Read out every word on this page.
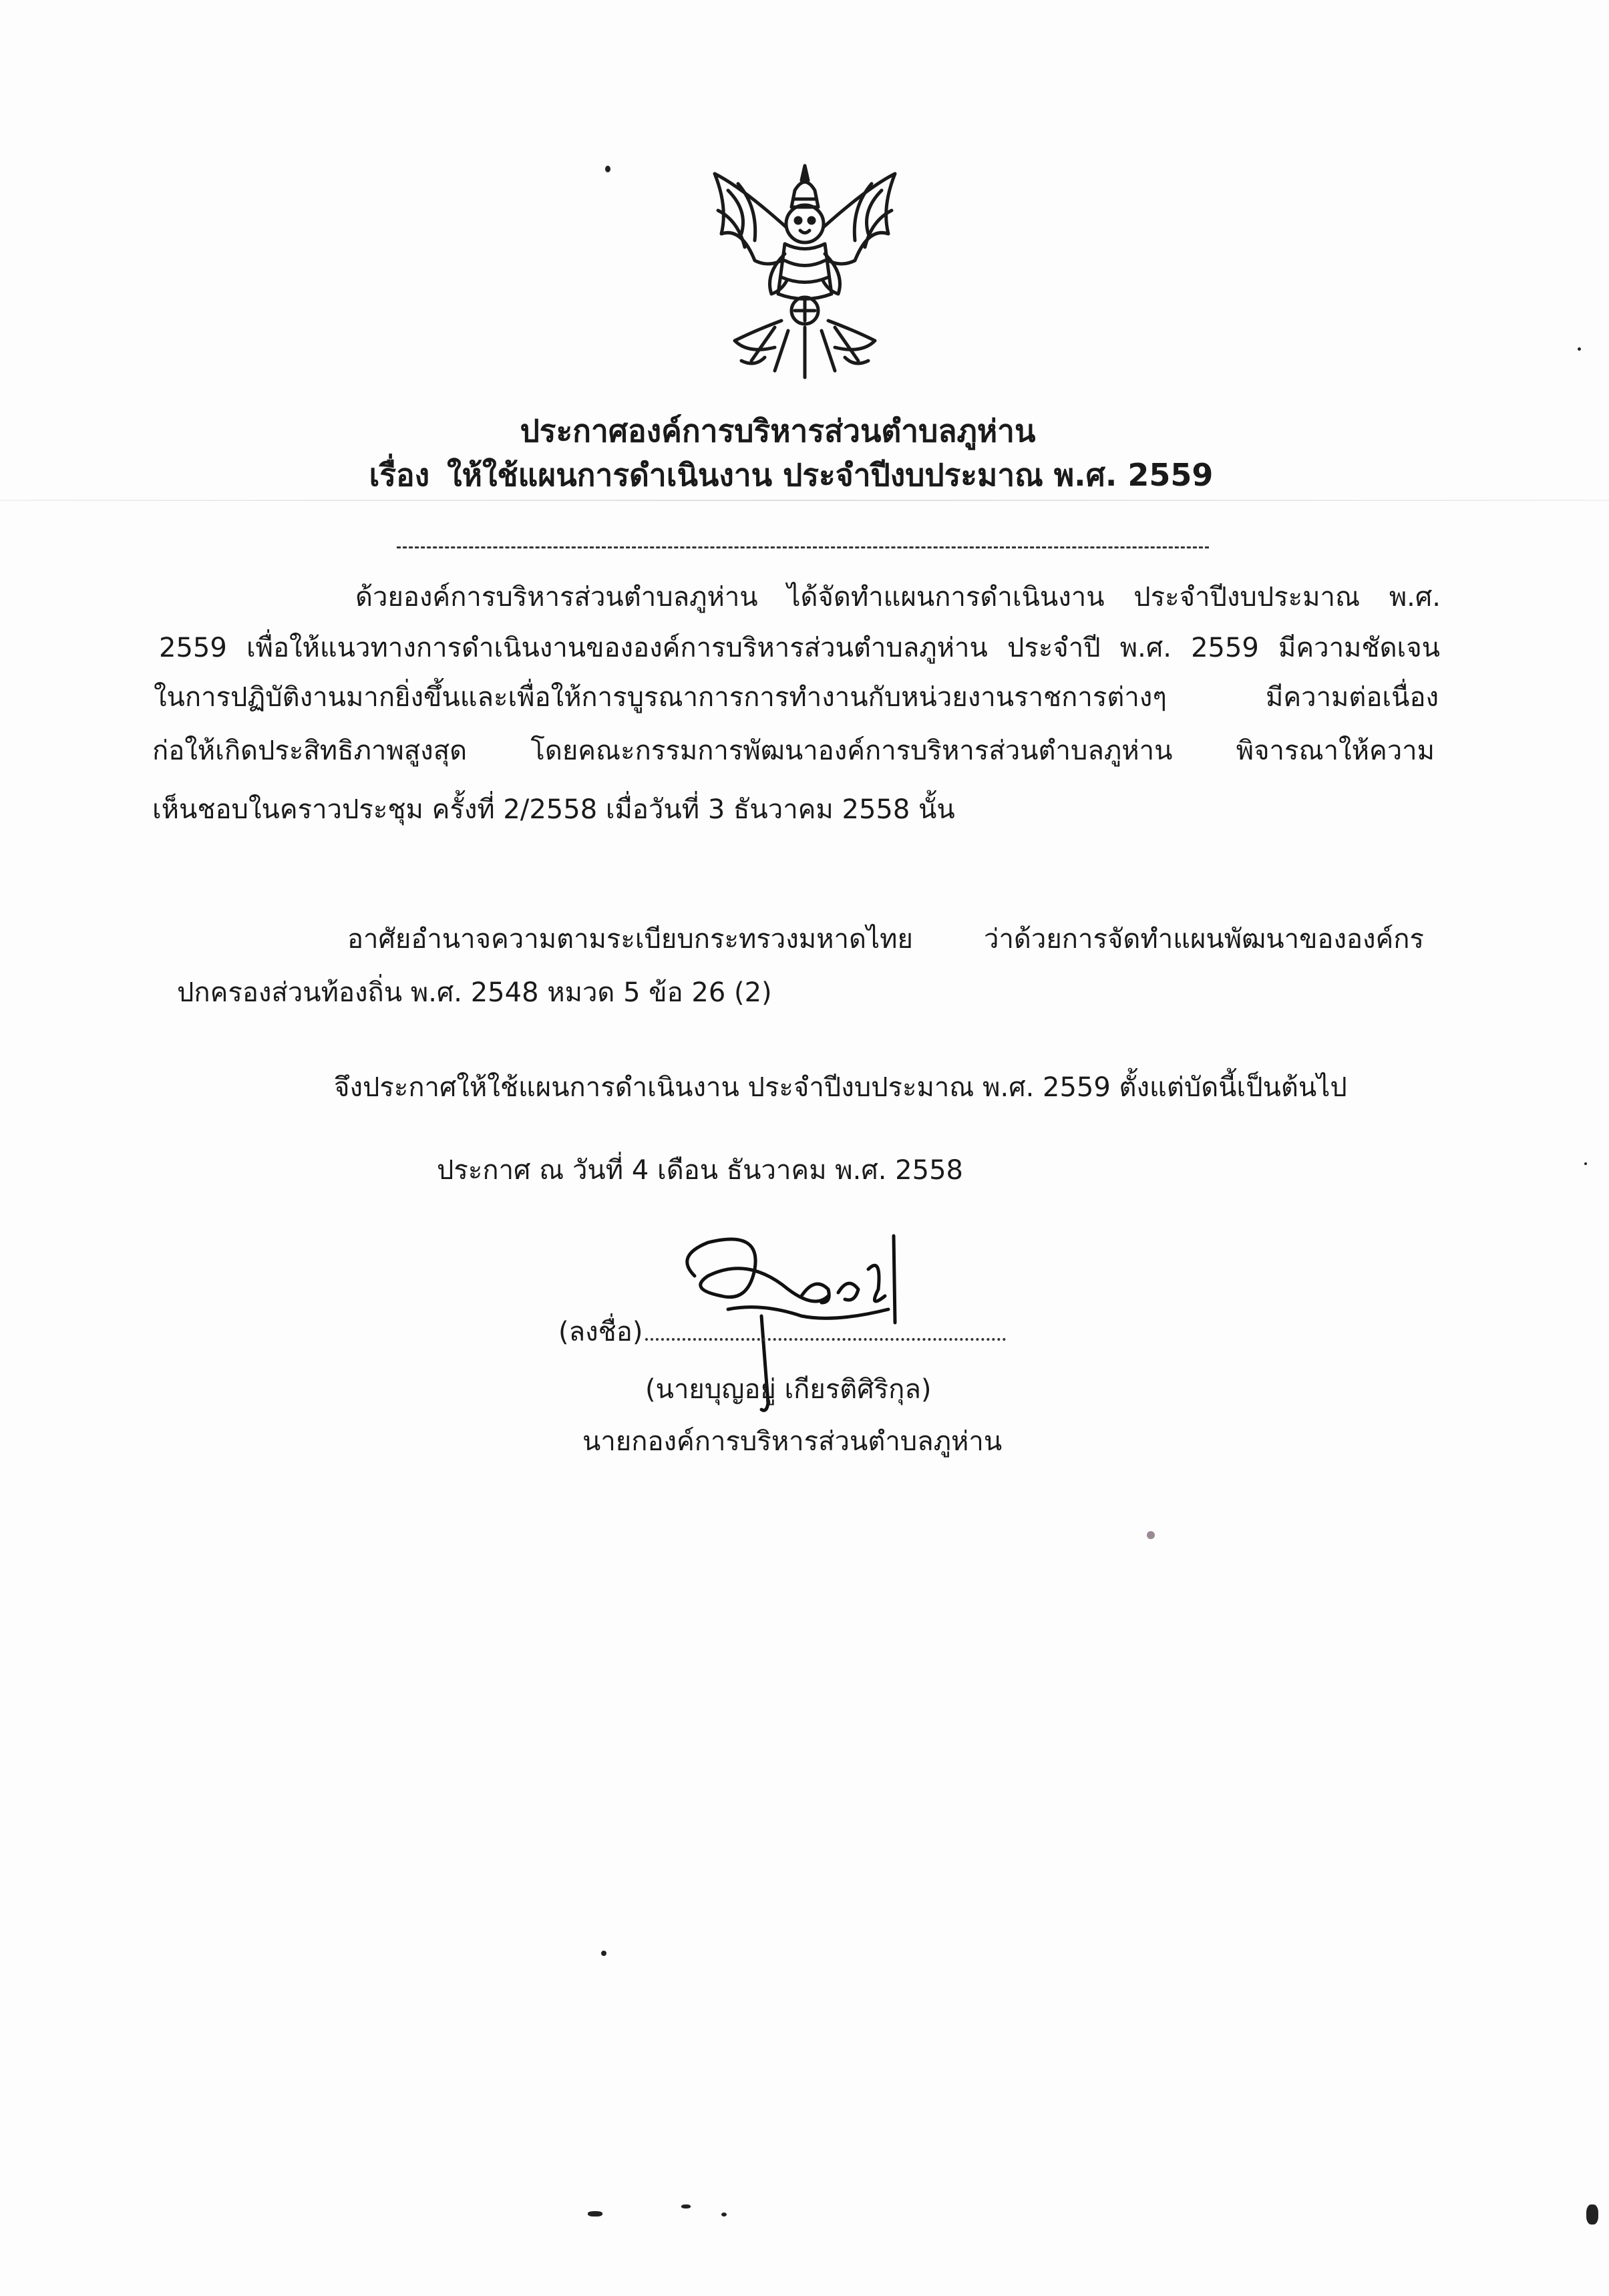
ประกาศองค์การบริหารส่วนตำบลภูห่าน
เรื่อง ให้ใช้แผนการดำเนินงาน ประจำปีงบประมาณ พ.ศ. 2559
ด้วยองค์การบริหารส่วนตำบลภูห่าน ได้จัดทำแผนการดำเนินงาน ประจำปีงบประมาณ พ.ศ.
2559 เพื่อให้แนวทางการดำเนินงานขององค์การบริหารส่วนตำบลภูห่าน ประจำปี พ.ศ. 2559 มีความชัดเจน
ในการปฏิบัติงานมากยิ่งขึ้นและเพื่อให้การบูรณาการการทำงานกับหน่วยงานราชการต่างๆ มีความต่อเนื่อง
ก่อให้เกิดประสิทธิภาพสูงสุด โดยคณะกรรมการพัฒนาองค์การบริหารส่วนตำบลภูห่าน พิจารณาให้ความ
เห็นชอบในคราวประชุม ครั้งที่ 2/2558 เมื่อวันที่ 3 ธันวาคม 2558 นั้น
อาศัยอำนาจความตามระเบียบกระทรวงมหาดไทย ว่าด้วยการจัดทำแผนพัฒนาขององค์กร
ปกครองส่วนท้องถิ่น พ.ศ. 2548 หมวด 5 ข้อ 26 (2)
จึงประกาศให้ใช้แผนการดำเนินงาน ประจำปีงบประมาณ พ.ศ. 2559 ตั้งแต่บัดนี้เป็นต้นไป
ประกาศ ณ วันที่ 4 เดือน ธันวาคม พ.ศ. 2558
(ลงชื่อ)
(นายบุญอยู่ เกียรติศิริกุล)
นายกองค์การบริหารส่วนตำบลภูห่าน
